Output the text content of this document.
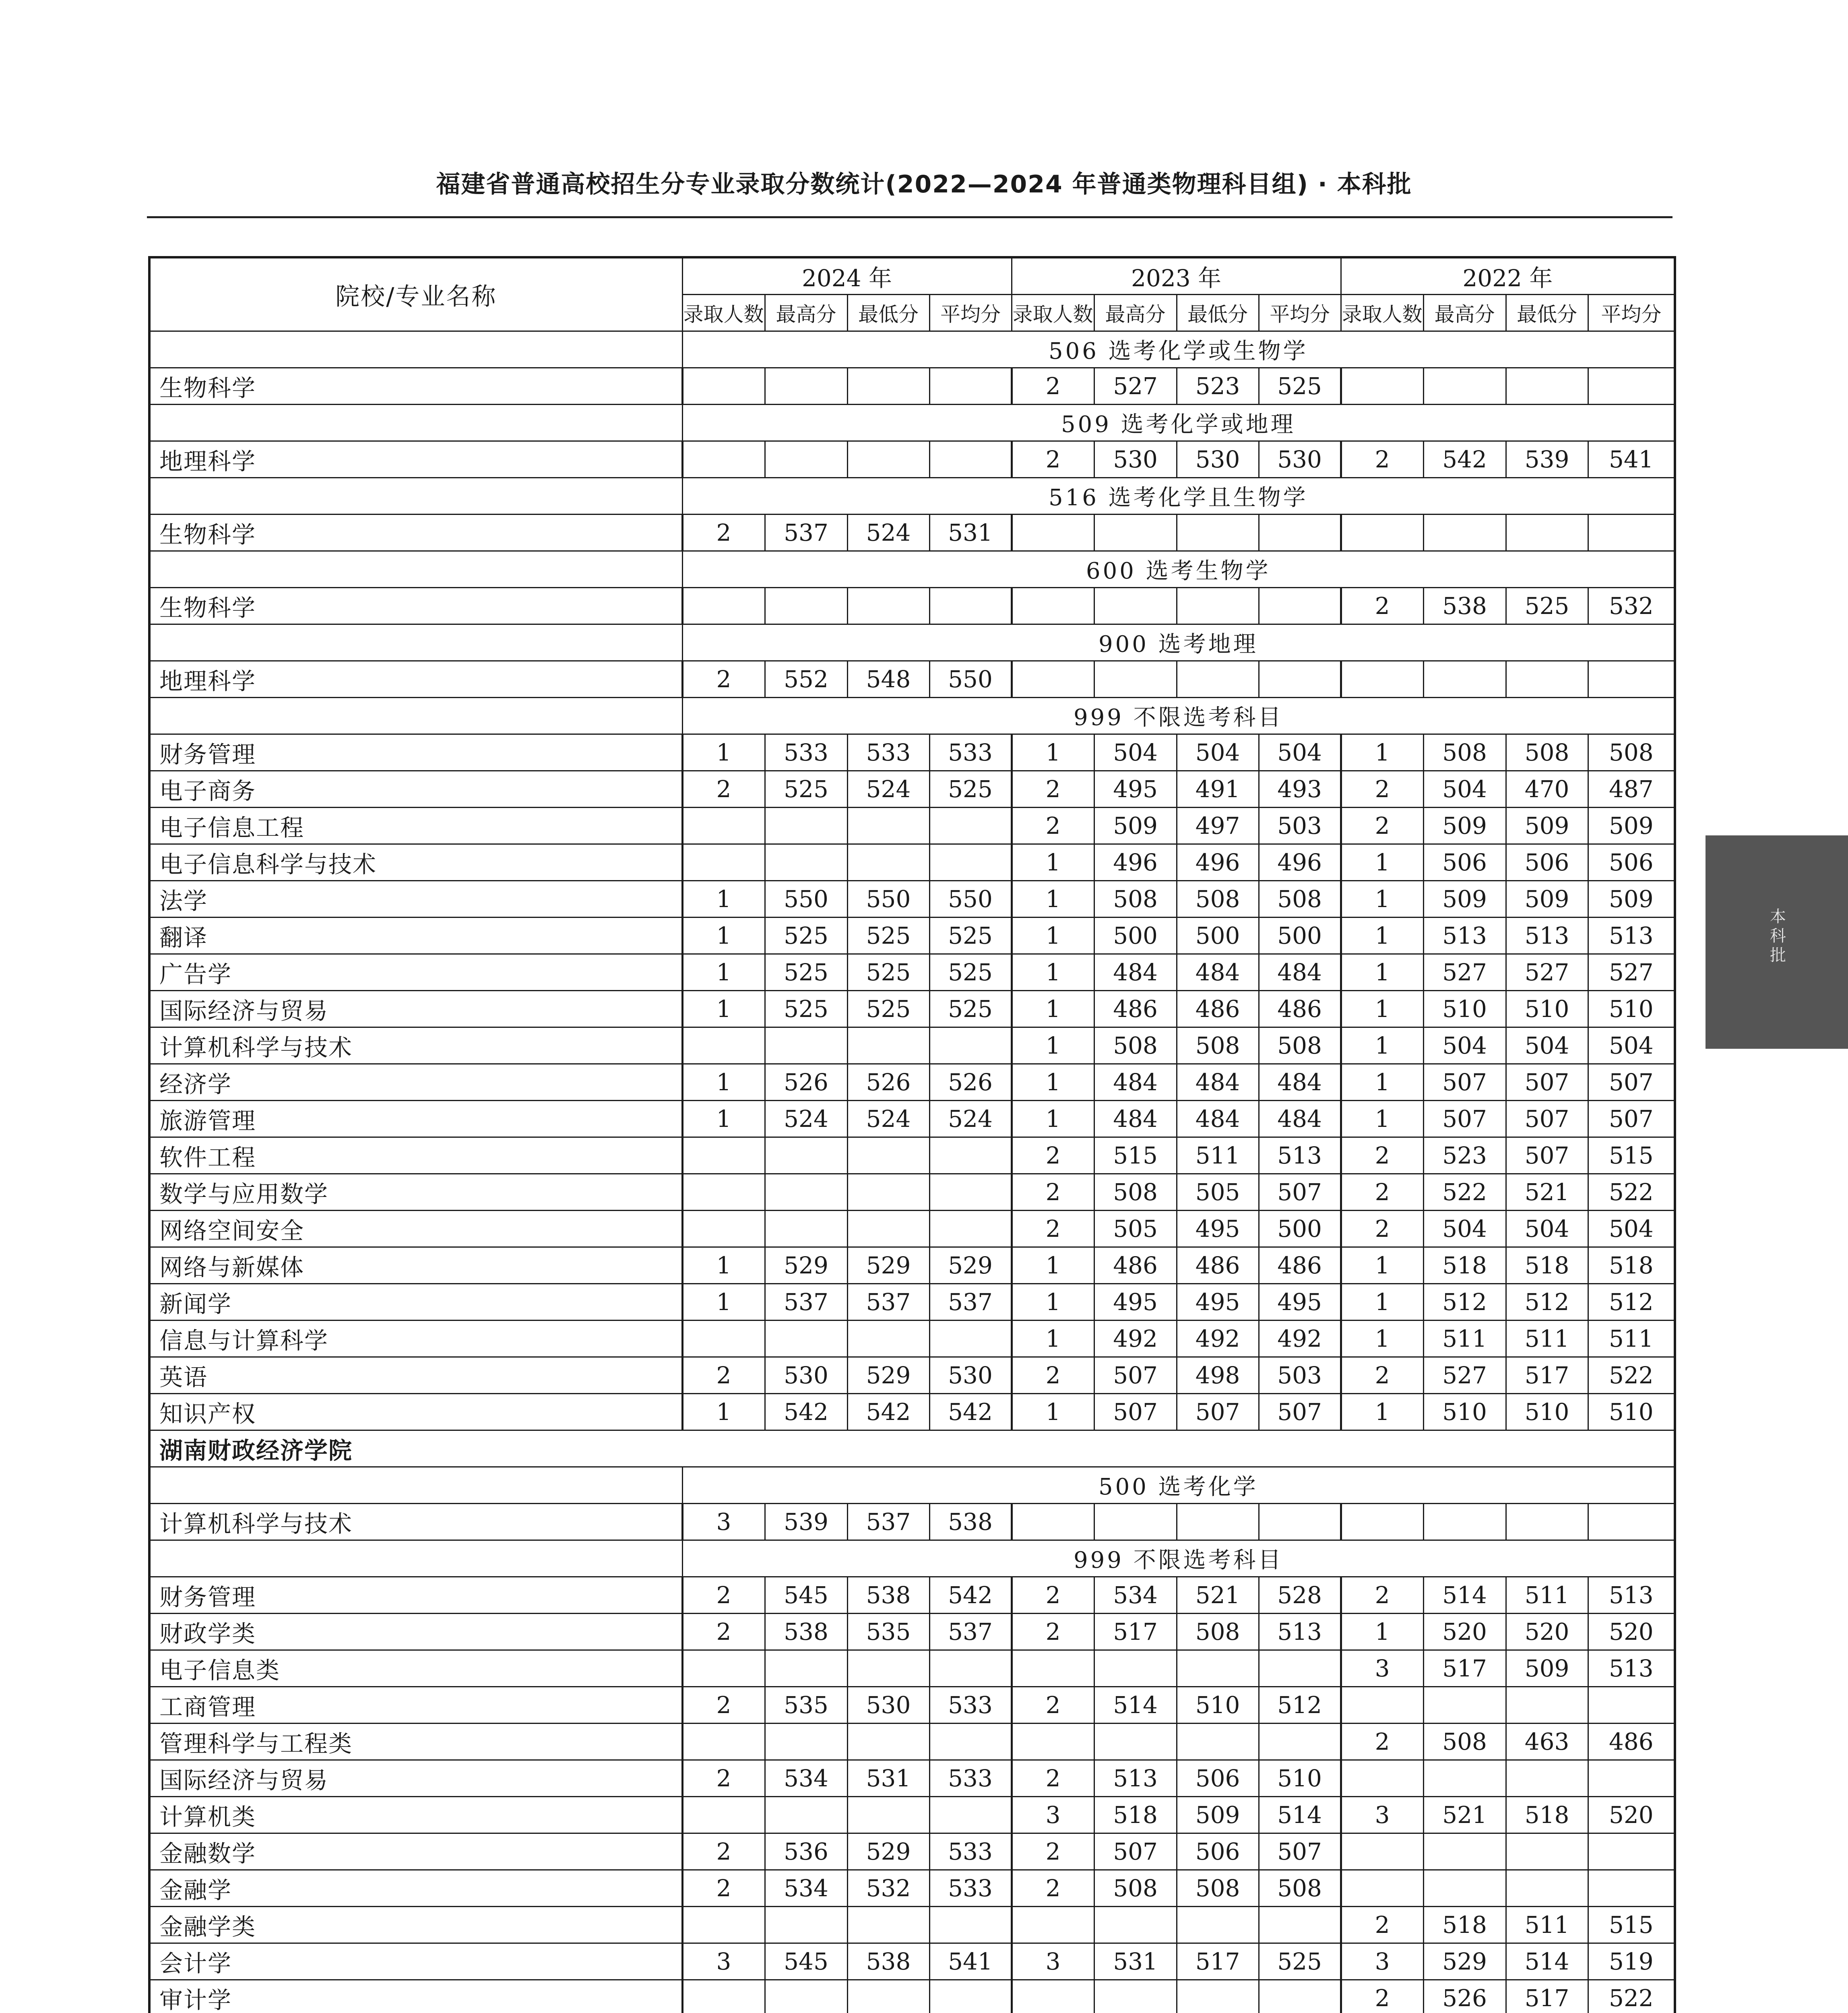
福建省普通高校招生分专业录取分数统计(2022—2024 年普通类物理科目组) · 本科批
本科批
院校/专业名称	2024 年				2023 年				2022 年			
	录取人数	最高分	最低分	平均分	录取人数	最高分	最低分	平均分	录取人数	最高分	最低分	平均分
	506 选考化学或生物学											
生物科学					2	527	523	525				
	509 选考化学或地理											
地理科学					2	530	530	530	2	542	539	541
	516 选考化学且生物学											
生物科学	2	537	524	531								
	600 选考生物学											
生物科学									2	538	525	532
	900 选考地理											
地理科学	2	552	548	550								
	999 不限选考科目											
财务管理	1	533	533	533	1	504	504	504	1	508	508	508
电子商务	2	525	524	525	2	495	491	493	2	504	470	487
电子信息工程					2	509	497	503	2	509	509	509
电子信息科学与技术					1	496	496	496	1	506	506	506
法学	1	550	550	550	1	508	508	508	1	509	509	509
翻译	1	525	525	525	1	500	500	500	1	513	513	513
广告学	1	525	525	525	1	484	484	484	1	527	527	527
国际经济与贸易	1	525	525	525	1	486	486	486	1	510	510	510
计算机科学与技术					1	508	508	508	1	504	504	504
经济学	1	526	526	526	1	484	484	484	1	507	507	507
旅游管理	1	524	524	524	1	484	484	484	1	507	507	507
软件工程					2	515	511	513	2	523	507	515
数学与应用数学					2	508	505	507	2	522	521	522
网络空间安全					2	505	495	500	2	504	504	504
网络与新媒体	1	529	529	529	1	486	486	486	1	518	518	518
新闻学	1	537	537	537	1	495	495	495	1	512	512	512
信息与计算科学					1	492	492	492	1	511	511	511
英语	2	530	529	530	2	507	498	503	2	527	517	522
知识产权	1	542	542	542	1	507	507	507	1	510	510	510
湖南财政经济学院												
	500 选考化学											
计算机科学与技术	3	539	537	538								
	999 不限选考科目											
财务管理	2	545	538	542	2	534	521	528	2	514	511	513
财政学类	2	538	535	537	2	517	508	513	1	520	520	520
电子信息类									3	517	509	513
工商管理	2	535	530	533	2	514	510	512				
管理科学与工程类									2	508	463	486
国际经济与贸易	2	534	531	533	2	513	506	510				
计算机类					3	518	509	514	3	521	518	520
金融数学	2	536	529	533	2	507	506	507				
金融学	2	534	532	533	2	508	508	508				
金融学类									2	518	511	515
会计学	3	545	538	541	3	531	517	525	3	529	514	519
审计学									2	526	517	522
